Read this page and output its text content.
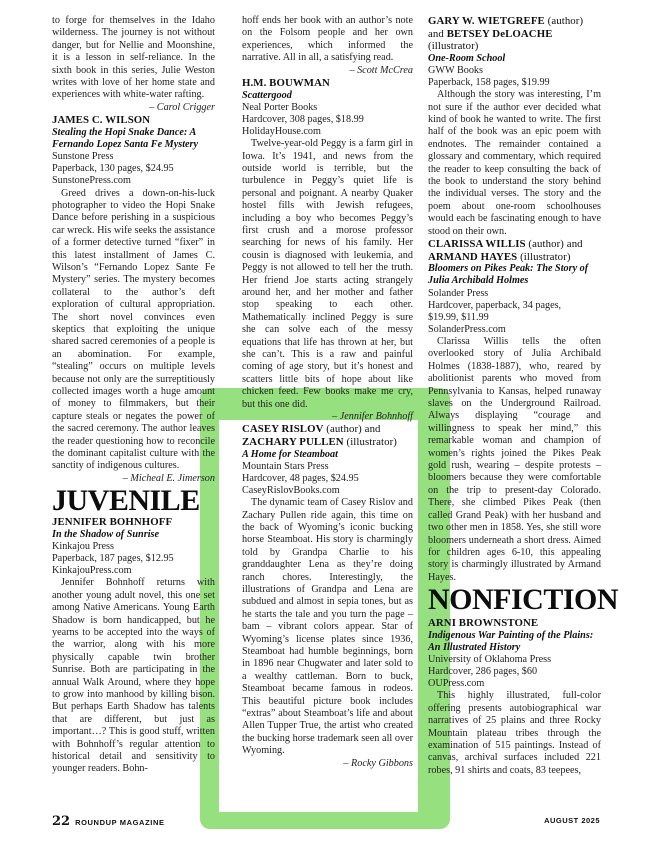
to forge for themselves in the Idaho wilderness. The journey is not without danger, but for Nellie and Moonshine, it is a lesson in self-reliance. In the sixth book in this series, Julie Weston writes with love of her home state and experiences with white-water rafting.

– Carol Crigger

JAMES C. WILSON
Stealing the Hopi Snake Dance: A Fernando Lopez Santa Fe Mystery
Sunstone Press
Paperback, 130 pages, $24.95
SunstonePress.com

Greed drives a down-on-his-luck photographer to video the Hopi Snake Dance before perishing in a suspicious car wreck. His wife seeks the assistance of a former detective turned “fixer” in this latest installment of James C. Wilson’s “Fernando Lopez Sante Fe Mystery” series. The mystery becomes collateral to the author’s deft exploration of cultural appropriation. The short novel convinces even skeptics that exploiting the unique shared sacred ceremonies of a people is an abomination. For example, “stealing” occurs on multiple levels because not only are the surreptitiously collected images worth a huge amount of money to filmmakers, but their capture steals or negates the power of the sacred ceremony. The author leaves the reader questioning how to reconcile the dominant capitalist culture with the sanctity of indigenous cultures.

– Micheal E. Jimerson

JUVENILE
JENNIFER BOHNHOFF
In the Shadow of Sunrise
Kinkajou Press
Paperback, 187 pages, $12.95
KinkajouPress.com

Jennifer Bohnhoff returns with another young adult novel, this one set among Native Americans. Young Earth Shadow is born handicapped, but he yearns to be accepted into the ways of the warrior, along with his more physically capable twin brother Sunrise. Both are participating in the annual Walk Around, where they hope to grow into manhood by killing bison. But perhaps Earth Shadow has talents that are different, but just as important…? This is good stuff, written with Bohnhoff’s regular attention to historical detail and sensitivity to younger readers. Bohn-

hoff ends her book with an author’s note on the Folsom people and her own experiences, which informed the narrative. All in all, a satisfying read.

– Scott McCrea

H.M. BOUWMAN
Scattergood
Neal Porter Books
Hardcover, 308 pages, $18.99
HolidayHouse.com

Twelve-year-old Peggy is a farm girl in Iowa. It’s 1941, and news from the outside world is terrible, but the turbulence in Peggy’s quiet life is personal and poignant. A nearby Quaker hostel fills with Jewish refugees, including a boy who becomes Peggy’s first crush and a morose professor searching for news of his family. Her cousin is diagnosed with leukemia, and Peggy is not allowed to tell her the truth. Her friend Joe starts acting strangely around her, and her mother and father stop speaking to each other. Mathematically inclined Peggy is sure she can solve each of the messy equations that life has thrown at her, but she can’t. This is a raw and painful coming of age story, but it’s honest and scatters little bits of hope about like chicken feed. Few books make me cry, but this one did.

– Jennifer Bohnhoff

CASEY RISLOV (author) and ZACHARY PULLEN (illustrator)
A Home for Steamboat
Mountain Stars Press
Hardcover, 48 pages, $24.95
CaseyRislovBooks.com

The dynamic team of Casey Rislov and Zachary Pullen ride again, this time on the back of Wyoming’s iconic bucking horse Steamboat. His story is charmingly told by Grandpa Charlie to his granddaughter Lena as they’re doing ranch chores. Interestingly, the illustrations of Grandpa and Lena are subdued and almost in sepia tones, but as he starts the tale and you turn the page – bam – vibrant colors appear. Star of Wyoming’s license plates since 1936, Steamboat had humble beginnings, born in 1896 near Chugwater and later sold to a wealthy cattleman. Born to buck, Steamboat became famous in rodeos. This beautiful picture book includes “extras” about Steamboat’s life and about Allen Tupper True, the artist who created the bucking horse trademark seen all over Wyoming.

– Rocky Gibbons

GARY W. WIETGREFE (author) and BETSEY DeLOACHE (illustrator)
One-Room School
GWW Books
Paperback, 158 pages, $19.99

Although the story was interesting, I’m not sure if the author ever decided what kind of book he wanted to write. The first half of the book was an epic poem with endnotes. The remainder contained a glossary and commentary, which required the reader to keep consulting the back of the book to understand the story behind the individual verses. The story and the poem about one-room schoolhouses would each be fascinating enough to have stood on their own.

CLARISSA WILLIS (author) and ARMAND HAYES (illustrator)
Bloomers on Pikes Peak: The Story of Julia Archibald Holmes
Solander Press
Hardcover, paperback, 34 pages,
$19.99, $11.99
SolanderPress.com

Clarissa Willis tells the often overlooked story of Julia Archibald Holmes (1838-1887), who, reared by abolitionist parents who moved from Pennsylvania to Kansas, helped runaway slaves on the Underground Railroad. Always displaying “courage and willingness to speak her mind,” this remarkable woman and champion of women’s rights joined the Pikes Peak gold rush, wearing – despite protests – bloomers because they were comfortable on the trip to present-day Colorado. There, she climbed Pikes Peak (then called Grand Peak) with her husband and two other men in 1858. Yes, she still wore bloomers underneath a short dress. Aimed for children ages 6-10, this appealing story is charmingly illustrated by Armand Hayes.

NONFICTION
ARNI BROWNSTONE
Indigenous War Painting of the Plains: An Illustrated History
University of Oklahoma Press
Hardcover, 286 pages, $60
OUPress.com

This highly illustrated, full-color offering presents autobiographical war narratives of 25 plains and three Rocky Mountain plateau tribes through the examination of 515 paintings. Instead of canvas, archival surfaces included 221 robes, 91 shirts and coats, 83 teepees,

22 ROUNDUP MAGAZINE	AUGUST 2025
